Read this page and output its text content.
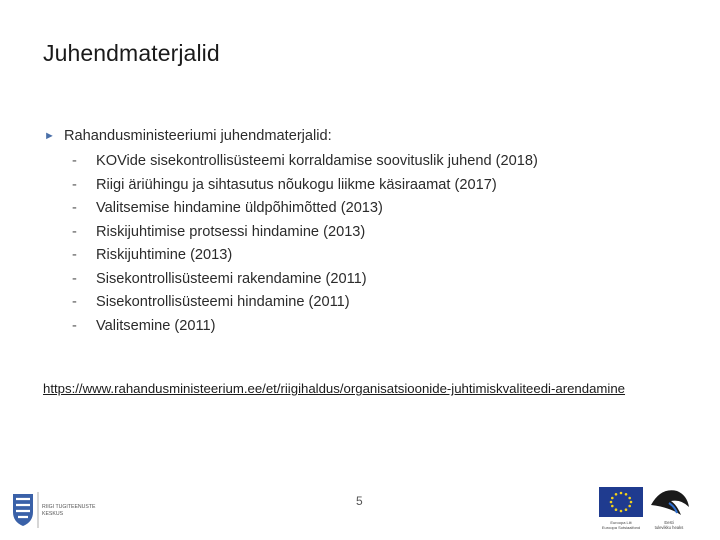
Juhendmaterjalid
► Rahandusministeeriumi juhendmaterjalid:
- KOVide sisekontrollisüsteemi korraldamise soovituslik juhend (2018)
- Riigi äriühingu ja sihtasutus nõukogu liikme käsiraamat (2017)
- Valitsemise hindamine üldpõhimõtted (2013)
- Riskijuhtimise protsessi hindamine (2013)
- Riskijuhtimine (2013)
- Sisekontrollisüsteemi rakendamine (2011)
- Sisekontrollisüsteemi hindamine (2011)
- Valitsemine (2011)
https://www.rahandusministeerium.ee/et/riigihaldus/organisatsioonide-juhtimiskvaliteedi-arendamine
5
RIIGI TUGITEENUSTE
KESKUS
Euroopa Liit
Euroopa Sotsiaalfond
Eesti
tulevikku heaks
